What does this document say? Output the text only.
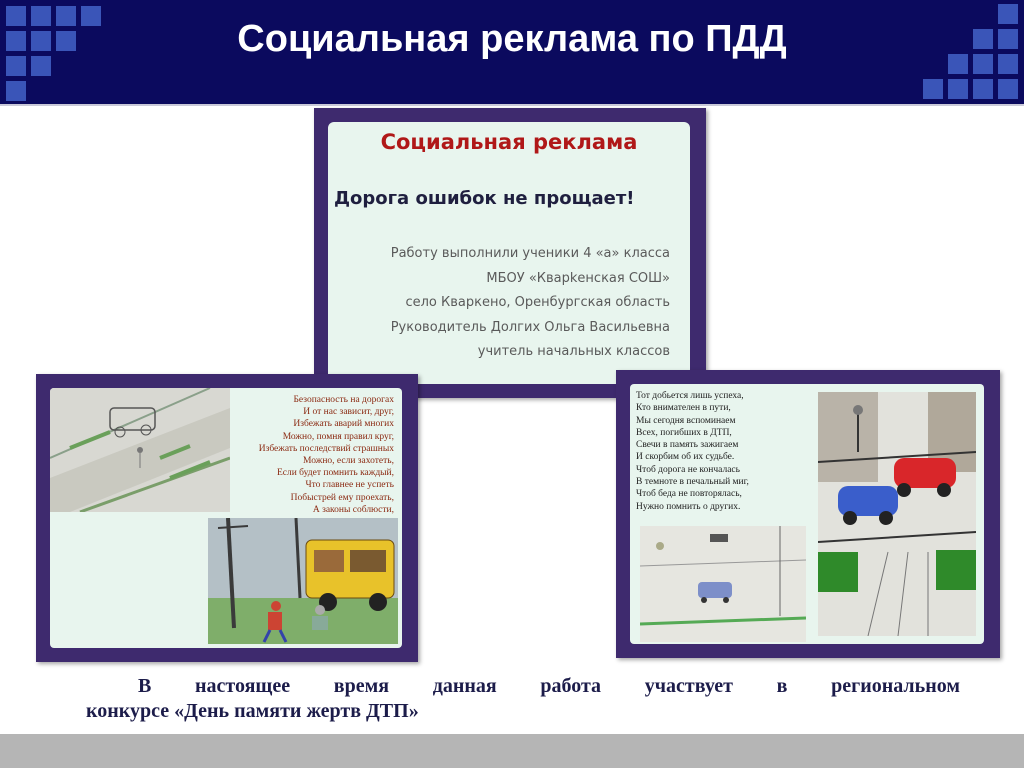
Социальная реклама по ПДД
Социальная реклама
Дорога ошибок не прощает!
Работу выполнили ученики 4 «а» класса
МБОУ «Кварkенская СОШ»
село Кваркено, Оренбургская область
Руководитель Долгих Ольга Васильевна
учитель начальных классов
Безопасность на дорогах
И от нас зависит, друг,
Избежать аварий многих
Можно, помня правил круг,
Избежать последствий страшных
Можно, если захотеть,
Если будет помнить каждый,
Что главнее не успеть
Побыстрей ему проехать,
А законы соблюсти,
Тот добьется лишь успеха,
Кто внимателен в пути,
Мы сегодня вспоминаем
Всех, погибших в ДТП,
Свечи в память зажигаем
И скорбим об их судьбе.
Чтоб дорога не кончалась
В темноте в печальный миг,
Чтоб беда не повторялась,
Нужно помнить о других.
В настоящее время данная работа участвует в региональном
конкурсе «День памяти жертв ДТП»
